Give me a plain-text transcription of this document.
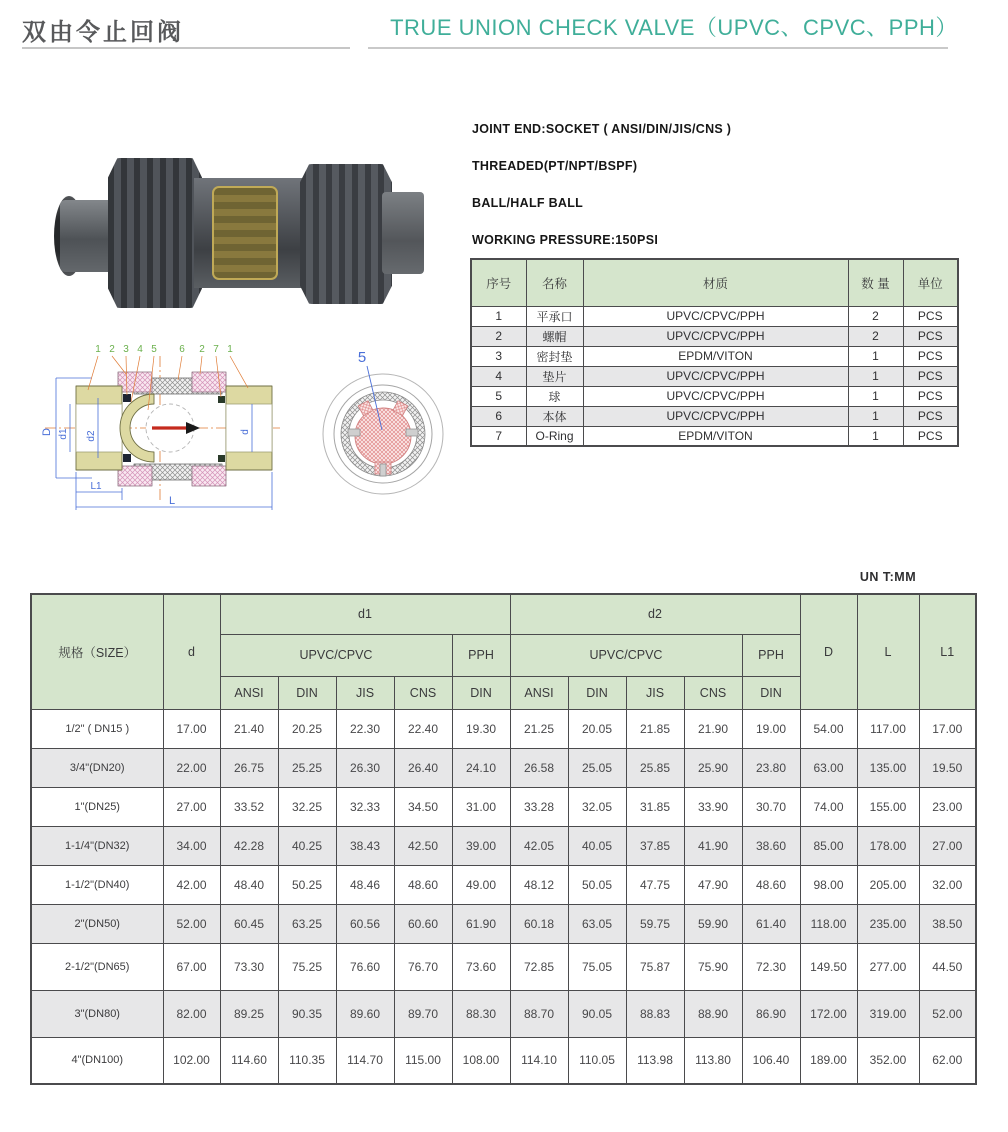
双由令止回阀	TRUE UNION CHECK VALVE（UPVC、CPVC、PPH）
JOINT END:SOCKET ( ANSI/DIN/JIS/CNS )
THREADED(PT/NPT/BSPF)
BALL/HALF BALL
WORKING PRESSURE:150PSI
序号	名称	材质	数 量	单位
1	平承口	UPVC/CPVC/PPH	2	PCS
2	螺帽	UPVC/CPVC/PPH	2	PCS
3	密封垫	EPDM/VITON	1	PCS
4	垫片	UPVC/CPVC/PPH	1	PCS
5	球	UPVC/CPVC/PPH	1	PCS
6	本体	UPVC/CPVC/PPH	1	PCS
7	O-Ring	EPDM/VITON	1	PCS
D d1 d2	d
L1
L
1 2 3 4 5 6 2 7 1	5
UN T:MM
规格（SIZE）	d	d1					d2					D	L	L1
		UPVC/CPVC				PPH	UPVC/CPVC				PPH			
		ANSI	DIN	JIS	CNS	DIN	ANSI	DIN	JIS	CNS	DIN			
1/2" ( DN15 )	17.00	21.40	20.25	22.30	22.40	19.30	21.25	20.05	21.85	21.90	19.00	54.00	117.00	17.00
3/4"(DN20)	22.00	26.75	25.25	26.30	26.40	24.10	26.58	25.05	25.85	25.90	23.80	63.00	135.00	19.50
1"(DN25)	27.00	33.52	32.25	32.33	34.50	31.00	33.28	32.05	31.85	33.90	30.70	74.00	155.00	23.00
1-1/4"(DN32)	34.00	42.28	40.25	38.43	42.50	39.00	42.05	40.05	37.85	41.90	38.60	85.00	178.00	27.00
1-1/2"(DN40)	42.00	48.40	50.25	48.46	48.60	49.00	48.12	50.05	47.75	47.90	48.60	98.00	205.00	32.00
2"(DN50)	52.00	60.45	63.25	60.56	60.60	61.90	60.18	63.05	59.75	59.90	61.40	118.00	235.00	38.50
2-1/2"(DN65)	67.00	73.30	75.25	76.60	76.70	73.60	72.85	75.05	75.87	75.90	72.30	149.50	277.00	44.50
3"(DN80)	82.00	89.25	90.35	89.60	89.70	88.30	88.70	90.05	88.83	88.90	86.90	172.00	319.00	52.00
4"(DN100)	102.00	114.60	110.35	114.70	115.00	108.00	114.10	110.05	113.98	113.80	106.40	189.00	352.00	62.00
